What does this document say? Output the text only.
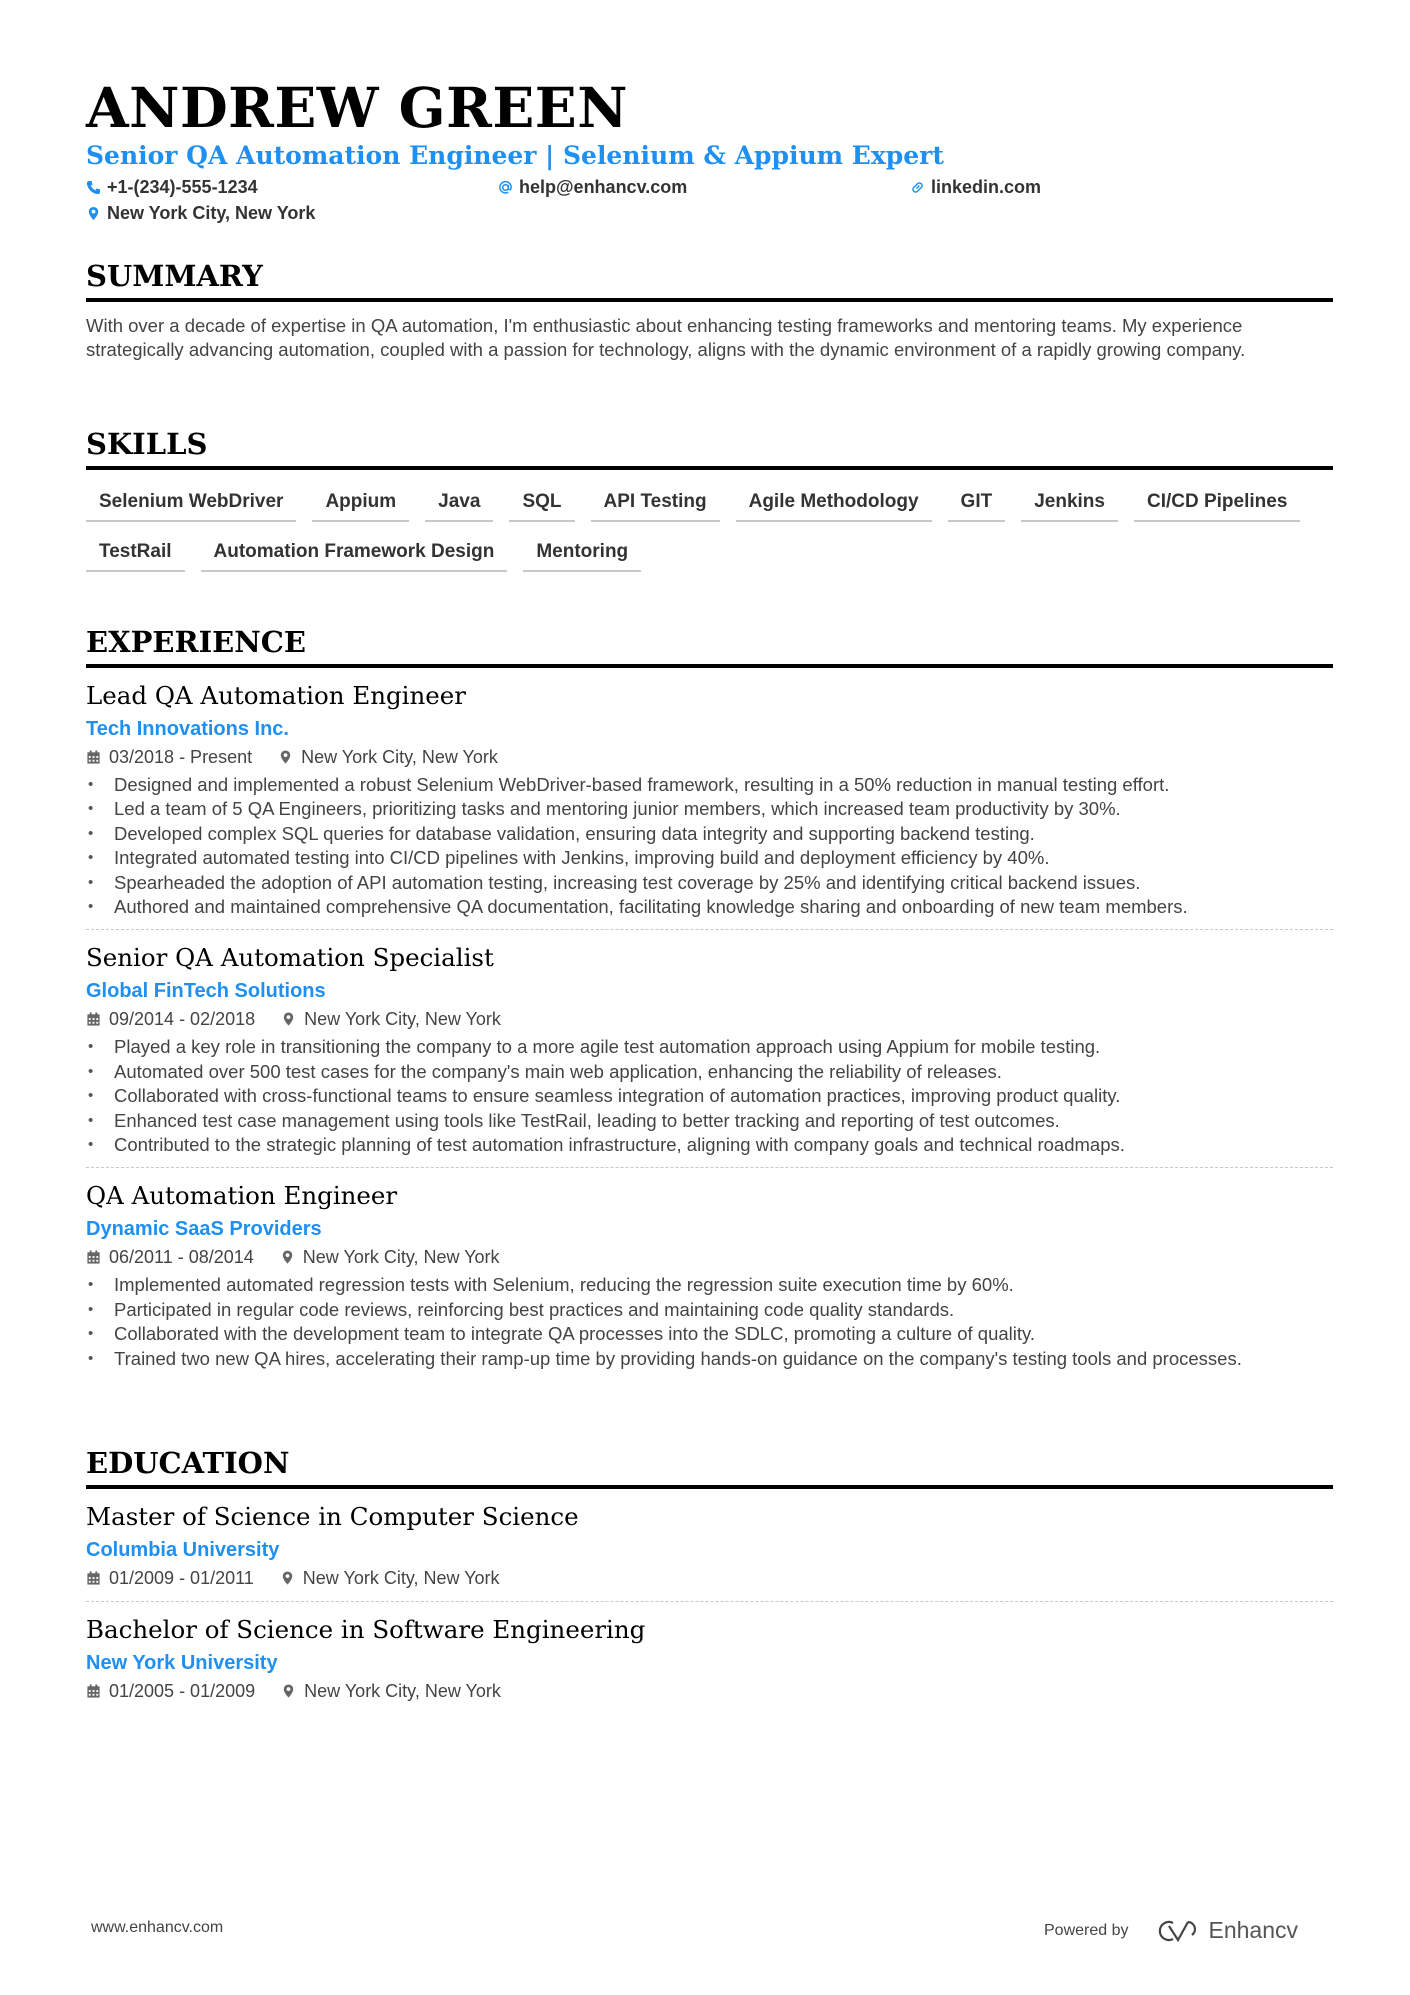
ANDREW GREEN
Senior QA Automation Engineer | Selenium & Appium Expert
+1-(234)-555-1234	help@enhancv.com	linkedin.com
New York City, New York
SUMMARY
With over a decade of expertise in QA automation, I'm enthusiastic about enhancing testing frameworks and mentoring teams. My experience strategically advancing automation, coupled with a passion for technology, aligns with the dynamic environment of a rapidly growing company.
SKILLS
Selenium WebDriver	Appium	Java	SQL	API Testing	Agile Methodology	GIT	Jenkins	CI/CD Pipelines
TestRail	Automation Framework Design	Mentoring
EXPERIENCE
Lead QA Automation Engineer
Tech Innovations Inc.
03/2018 - Present	New York City, New York
• Designed and implemented a robust Selenium WebDriver-based framework, resulting in a 50% reduction in manual testing effort.
• Led a team of 5 QA Engineers, prioritizing tasks and mentoring junior members, which increased team productivity by 30%.
• Developed complex SQL queries for database validation, ensuring data integrity and supporting backend testing.
• Integrated automated testing into CI/CD pipelines with Jenkins, improving build and deployment efficiency by 40%.
• Spearheaded the adoption of API automation testing, increasing test coverage by 25% and identifying critical backend issues.
• Authored and maintained comprehensive QA documentation, facilitating knowledge sharing and onboarding of new team members.
Senior QA Automation Specialist
Global FinTech Solutions
09/2014 - 02/2018	New York City, New York
• Played a key role in transitioning the company to a more agile test automation approach using Appium for mobile testing.
• Automated over 500 test cases for the company's main web application, enhancing the reliability of releases.
• Collaborated with cross-functional teams to ensure seamless integration of automation practices, improving product quality.
• Enhanced test case management using tools like TestRail, leading to better tracking and reporting of test outcomes.
• Contributed to the strategic planning of test automation infrastructure, aligning with company goals and technical roadmaps.
QA Automation Engineer
Dynamic SaaS Providers
06/2011 - 08/2014	New York City, New York
• Implemented automated regression tests with Selenium, reducing the regression suite execution time by 60%.
• Participated in regular code reviews, reinforcing best practices and maintaining code quality standards.
• Collaborated with the development team to integrate QA processes into the SDLC, promoting a culture of quality.
• Trained two new QA hires, accelerating their ramp-up time by providing hands-on guidance on the company's testing tools and processes.
EDUCATION
Master of Science in Computer Science
Columbia University
01/2009 - 01/2011	New York City, New York
Bachelor of Science in Software Engineering
New York University
01/2005 - 01/2009	New York City, New York
www.enhancv.com	Powered by	Enhancv
